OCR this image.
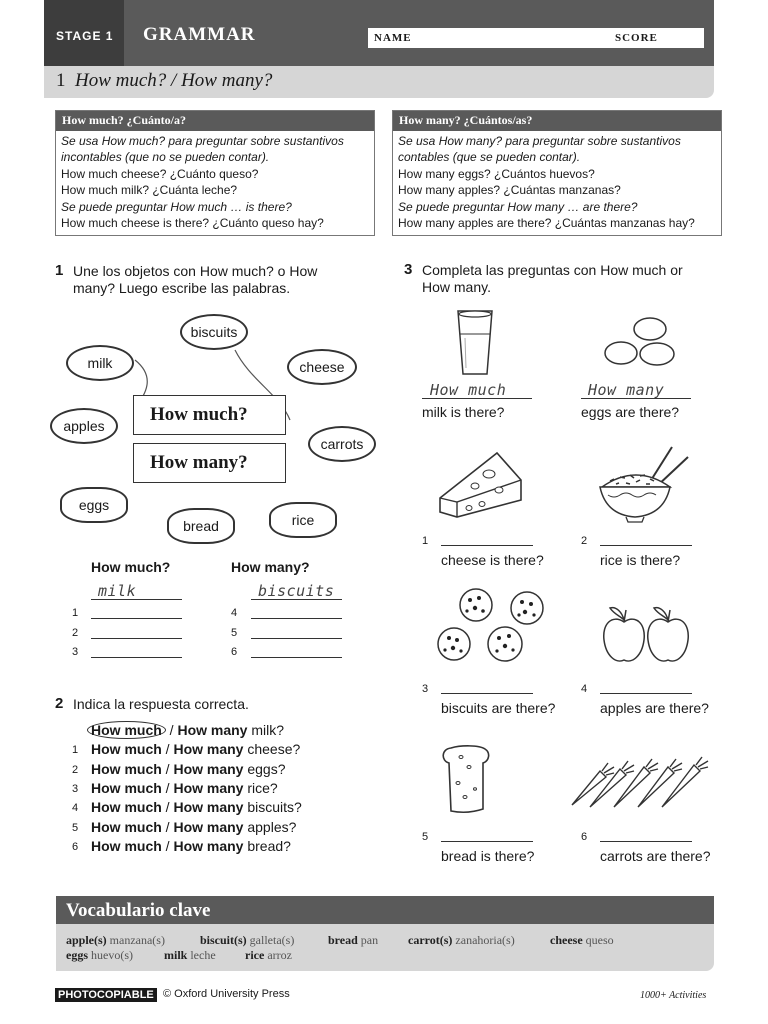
STAGE 1	GRAMMAR	NAME	SCORE
1 How much? / How many?
How much? ¿Cuánto/a?

Se usa How much? para preguntar sobre sustantivos

incontables (que no se pueden contar).

How much cheese? ¿Cuánto queso?

How much milk? ¿Cuánta leche?

Se puede preguntar How much … is there?

How much cheese is there? ¿Cuánto queso hay?

How many? ¿Cuántos/as?

Se usa How many? para preguntar sobre sustantivos

contables (que se pueden contar).

How many eggs? ¿Cuántos huevos?

How many apples? ¿Cuántas manzanas?

Se puede preguntar How many … are there?

How many apples are there? ¿Cuántas manzanas hay?

1 Une los objetos con How much? o How
many? Luego escribe las palabras.
biscuits
milk	cheese
apples
carrots
eggs
bread	rice
How much?
How many?
How much?	How many?
milk	biscuits
1
2
3
4
5
6
2 Indica la respuesta correcta.
How much / How many milk?
1 How much / How many cheese?
2 How much / How many eggs?
3 How much / How many rice?
4 How much / How many biscuits?
5 How much / How many apples?
6 How much / How many bread?
3 Completa las preguntas con How much or
How many.
How much
milk is there?
How many
eggs are there?
1
cheese is there?
2
rice is there?
3
biscuits are there?
4
apples are there?
5
bread is there?
6
carrots are there?
Vocabulario clave
apple(s) manzana(s)	biscuit(s) galleta(s)	bread pan carrot(s) zanahoria(s)	cheese queso
eggs huevo(s)	milk leche rice arroz
PHOTOCOPIABLE © Oxford University Press	1000+ Activities
